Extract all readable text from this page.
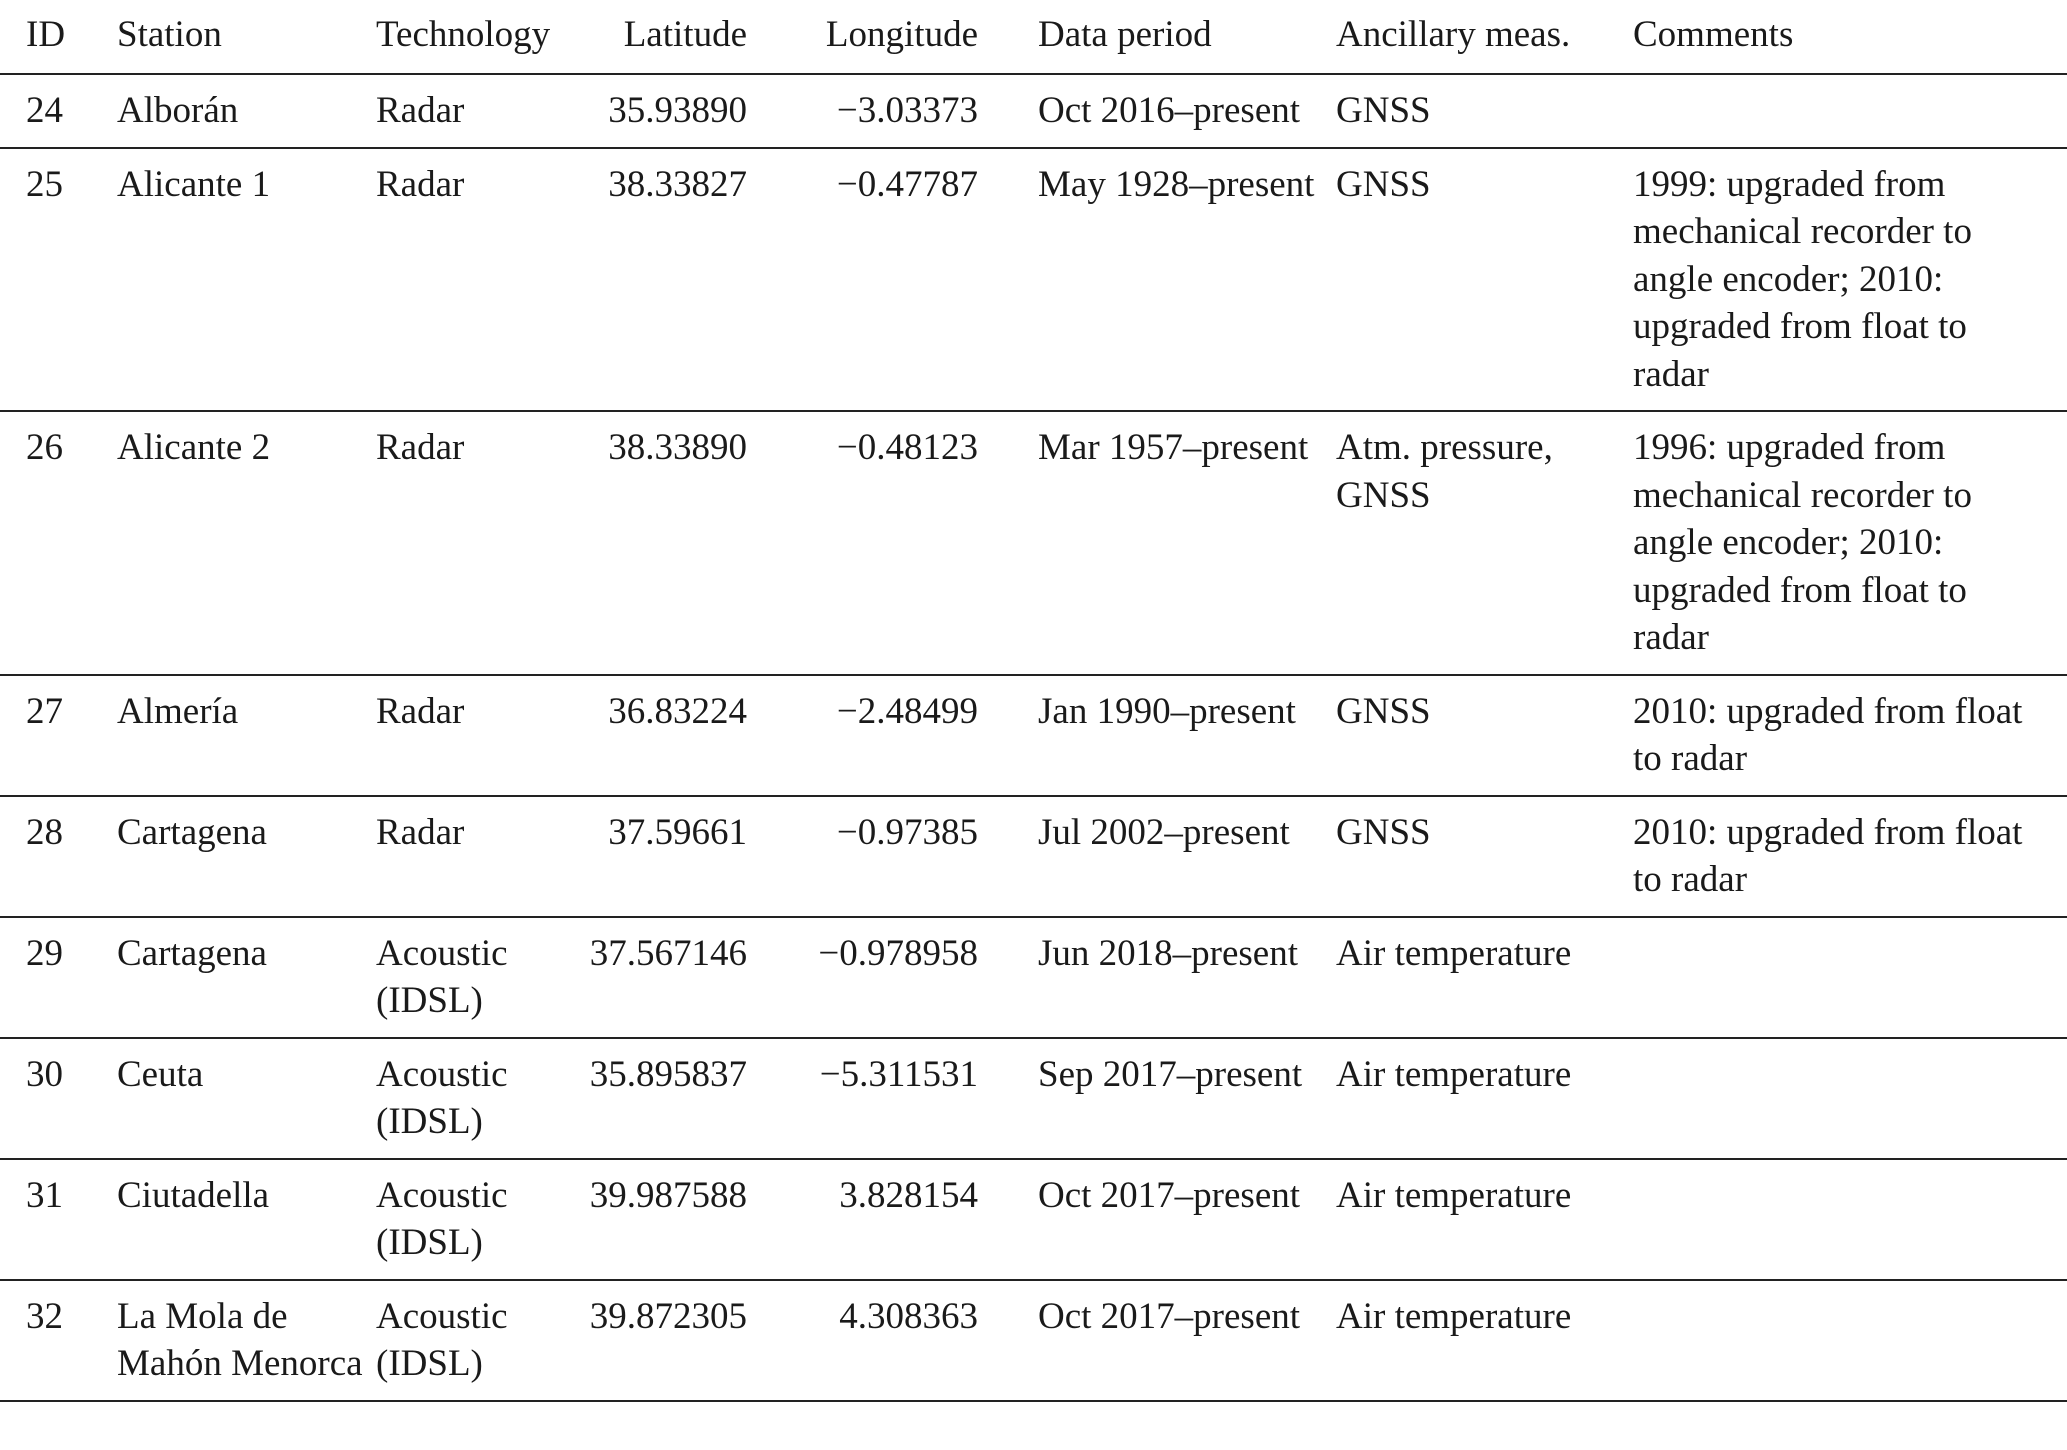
ID	Station	Technology	Latitude	Longitude	Data period	Ancillary meas.	Comments
24	Alborán	Radar	35.93890	−3.03373	Oct 2016–present	GNSS	
25	Alicante 1	Radar	38.33827	−0.47787	May 1928–present	GNSS	1999: upgraded from mechanical recorder to angle encoder; 2010: upgraded from float to radar
26	Alicante 2	Radar	38.33890	−0.48123	Mar 1957–present	Atm. pressure, GNSS	1996: upgraded from mechanical recorder to angle encoder; 2010: upgraded from float to radar
27	Almería	Radar	36.83224	−2.48499	Jan 1990–present	GNSS	2010: upgraded from float to radar
28	Cartagena	Radar	37.59661	−0.97385	Jul 2002–present	GNSS	2010: upgraded from float to radar
29	Cartagena	Acoustic (IDSL)	37.567146	−0.978958	Jun 2018–present	Air temperature	
30	Ceuta	Acoustic (IDSL)	35.895837	−5.311531	Sep 2017–present	Air temperature	
31	Ciutadella	Acoustic (IDSL)	39.987588	3.828154	Oct 2017–present	Air temperature	
32	La Mola de Mahón Menorca	Acoustic (IDSL)	39.872305	4.308363	Oct 2017–present	Air temperature	
